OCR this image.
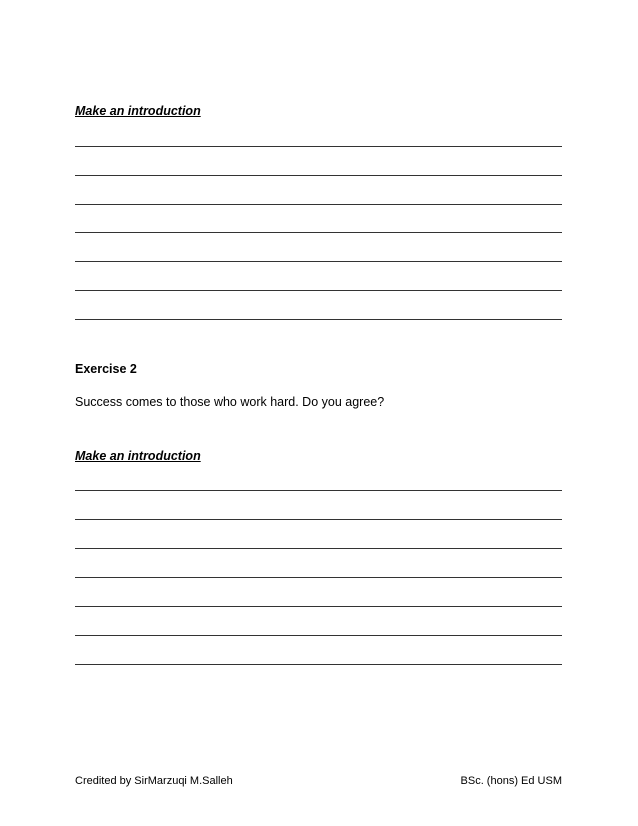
Make an introduction
Exercise 2
Success comes to those who work hard. Do you agree?
Make an introduction
Credited by SirMarzuqi M.Salleh	BSc. (hons) Ed USM
